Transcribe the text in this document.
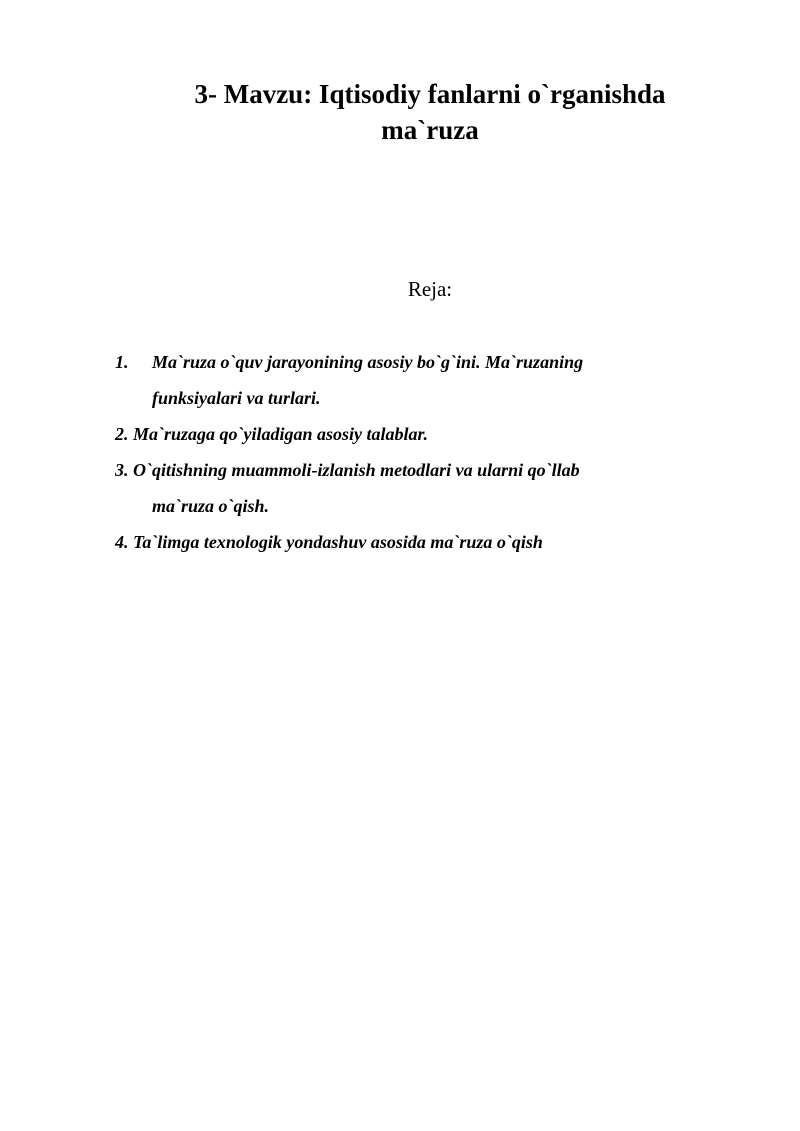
3- Mavzu: Iqtisodiy fanlarni o`rganishda
ma`ruza

Reja:

1. Ma`ruza o`quv jarayonining asosiy bo`g`ini. Ma`ruzaning
funksiyalari va turlari.
2. Ma`ruzaga qo`yiladigan asosiy talablar.
3. O`qitishning muammoli-izlanish metodlari va ularni qo`llab
ma`ruza o`qish.
4. Ta`limga texnologik yondashuv asosida ma`ruza o`qish
